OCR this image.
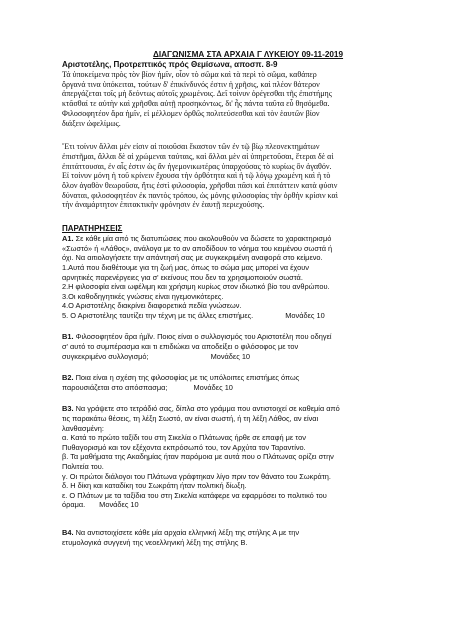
ΔΙΑΓΩΝΙΣΜΑ ΣΤΑ ΑΡΧΑΙΑ Γ ΛΥΚΕΙΟΥ 09-11-2019

Αριστοτέλης, Προτρεπτικός πρός Θεμίσωνα, αποσπ. 8-9

Τά ὑποκείμενα πρὸς τὸν βίον ἡμῖν, οἷον τὸ σῶμα καὶ τὰ περὶ τὸ σῶμα, καθάπερ

ὄργανά τινα ὑπόκειται, τούτων δ' ἐπικίνδυνός ἐστιν ἡ χρῆσις, καὶ πλέον θάτερον

ἀπεργάζεται τοῖς μὴ δεόντως αὐτοῖς χρωμένοις. Δεῖ τοίνυν ὀρέγεσθαι τῆς ἐπιστήμης

κτᾶσθαί τε αὐτὴν καὶ χρῆσθαι αὐτῇ προσηκόντως, δι' ἧς πάντα ταῦτα εὖ θησόμεθα.

Φιλοσοφητέον ἄρα ἡμῖν, εἰ μέλλομεν ὀρθῶς πολιτεύσεσθαι καὶ τὸν ἑαυτῶν βίον

διάξειν ὠφελίμως.

Ἔτι τοίνυν ἄλλαι μέν εἰσιν αἱ ποιοῦσαι ἕκαστον τῶν ἐν τῷ βίῳ πλεονεκτημάτων

ἐπιστῆμαι, ἄλλαι δὲ αἱ χρώμεναι ταύταις, καὶ ἄλλαι μὲν αἱ ὑπηρετοῦσαι, ἕτεραι δὲ αἱ

ἐπιτάττουσαι, ἐν αἷς ἐστιν ὡς ἂν ἡγεμονικωτέρας ὑπαρχούσας τὸ κυρίως ὂν ἀγαθόν.

Εἰ τοίνυν μόνη ἡ τοῦ κρίνειν ἔχουσα τὴν ὀρθότητα καὶ ἡ τῷ λόγῳ χρωμένη καὶ ἡ τὸ

ὅλον ἀγαθὸν θεωροῦσα, ἥτις ἐστὶ φιλοσοφία, χρῆσθαι πᾶσι καὶ ἐπιτάττειν κατὰ φύσιν

δύναται, φιλοσοφητέον ἐκ παντὸς τρόπου, ὡς μόνης φιλοσοφίας τὴν ὀρθὴν κρίσιν καὶ

τὴν ἀναμάρτητον ἐπιτακτικὴν φρόνησιν ἐν ἑαυτῇ περιεχούσης.

ΠΑΡΑΤΗΡΗΣΕΙΣ

Α1. Σε κάθε μία από τις διατυπώσεις που ακολουθούν να δώσετε το χαρακτηρισμό

«Σωστό» ή «Λάθος», ανάλογα με το αν αποδίδουν το νόημα του κειμένου σωστά ή

όχι. Να αιτιολογήσετε την απάντησή σας με συγκεκριμένη αναφορά στο κείμενο.

1.Αυτά που διαθέτουμε για τη ζωή μας, όπως το σώμα μας μπορεί να έχουν

αρνητικές παρενέργειες για σ' εκείνους που δεν τα χρησιμοποιούν σωστά.

2.Η φιλοσοφία είναι ωφέλιμη και χρήσιμη κυρίως στον ιδιωτικό βίο του ανθρώπου.

3.Οι καθοδηγητικές γνώσεις είναι ηγεμονικότερες.

4.Ο Αριστοτέλης διακρίνει διαφορετικά πεδία γνώσεων.

5. Ο Αριστοτέλης ταυτίζει την τέχνη με τις άλλες επιστήμες.	Μονάδες 10

Β1. Φιλοσοφητέον ἄρα ἡμῖν. Ποιος είναι ο συλλογισμός του Αριστοτέλη που οδηγεί

σ' αυτό το συμπέρασμα και τι επιδιώκει να αποδείξει ο φιλόσοφος με τον

συγκεκριμένο συλλογισμό;	Μονάδες 10

Β2. Ποια είναι η σχέση της φιλοσοφίας με τις υπόλοιπες επιστήμες όπως

παρουσιάζεται στο απόσπασμα;	Μονάδες 10

Β3. Να γράψετε στο τετράδιό σας, δίπλα στο γράμμα που αντιστοιχεί σε καθεμία από

τις παρακάτω θέσεις, τη λέξη Σωστό, αν είναι σωστή, ή τη λέξη Λάθος, αν είναι

λανθασμένη:

α. Κατά το πρώτο ταξίδι του στη Σικελία ο Πλάτωνας ήρθε σε επαφή με τον

Πυθαγορισμό και τον εξέχοντα εκπρόσωπό του, τον Αρχύτα τον Ταραντίνο.

β. Τα μαθήματα της Ακαδημίας ήταν παρόμοια με αυτά που ο Πλάτωνας ορίζει στην

Πολιτεία του.

γ. Οι πρώτοι διάλογοι του Πλάτωνα γράφτηκαν λίγο πριν τον θάνατο του Σωκράτη.

δ. Η δίκη και καταδίκη του Σωκράτη ήταν πολιτική δίωξη.

ε. Ο Πλάτων με τα ταξίδια του στη Σικελία κατάφερε να εφαρμόσει το πολιτικό του

όραμα. Μονάδες 10

Β4. Να αντιστοιχίσετε κάθε μία αρχαία ελληνική λέξη της στήλης Α με την

ετυμολογικά συγγενή της νεοελληνική λέξη της στήλης Β.
